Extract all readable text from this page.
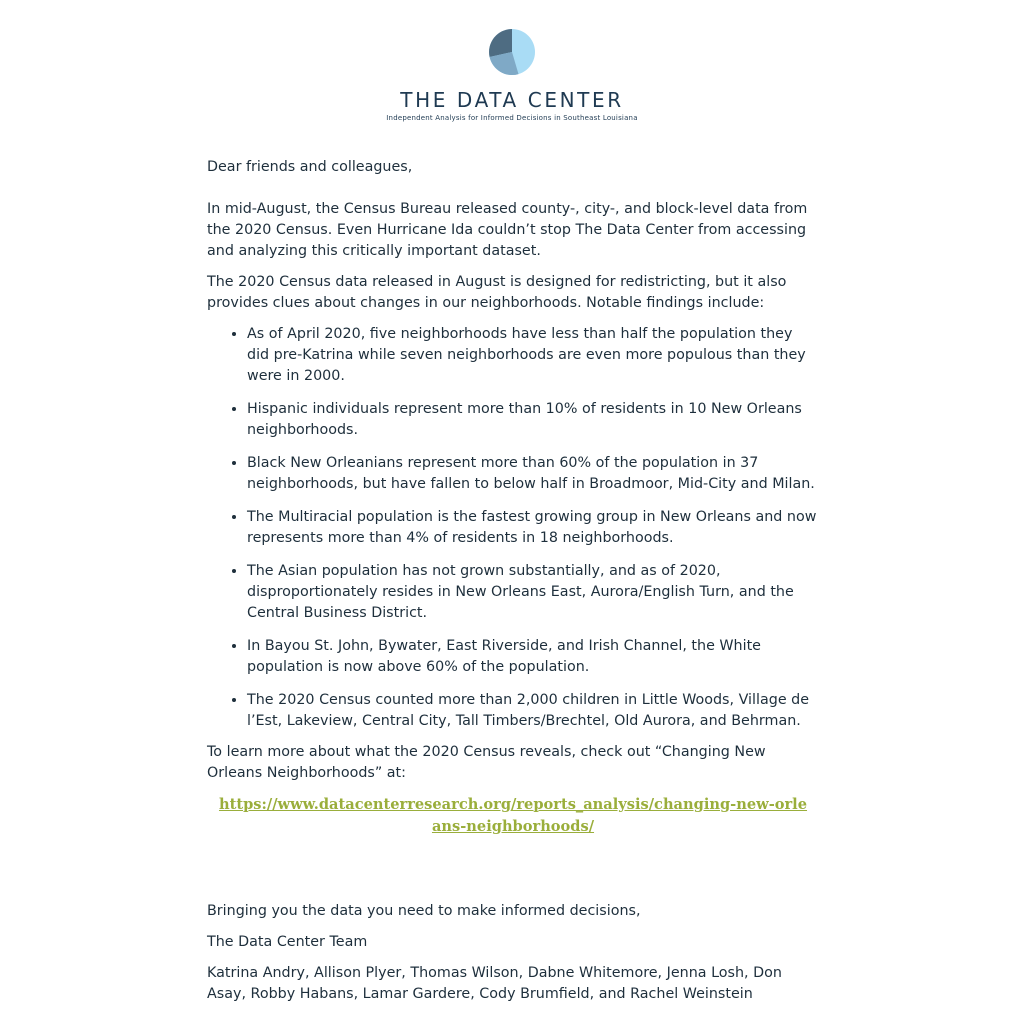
THE DATA CENTER
Independent Analysis for Informed Decisions in Southeast Louisiana

Dear friends and colleagues,

In mid-August, the Census Bureau released county-, city-, and block-level data from the 2020 Census. Even Hurricane Ida couldn’t stop The Data Center from accessing and analyzing this critically important dataset.

The 2020 Census data released in August is designed for redistricting, but it also provides clues about changes in our neighborhoods. Notable findings include:

• As of April 2020, five neighborhoods have less than half the population they did pre-Katrina while seven neighborhoods are even more populous than they were in 2000.
• Hispanic individuals represent more than 10% of residents in 10 New Orleans neighborhoods.
• Black New Orleanians represent more than 60% of the population in 37 neighborhoods, but have fallen to below half in Broadmoor, Mid-City and Milan.
• The Multiracial population is the fastest growing group in New Orleans and now represents more than 4% of residents in 18 neighborhoods.
• The Asian population has not grown substantially, and as of 2020, disproportionately resides in New Orleans East, Aurora/English Turn, and the Central Business District.
• In Bayou St. John, Bywater, East Riverside, and Irish Channel, the White population is now above 60% of the population.
• The 2020 Census counted more than 2,000 children in Little Woods, Village de l’Est, Lakeview, Central City, Tall Timbers/Brechtel, Old Aurora, and Behrman.

To learn more about what the 2020 Census reveals, check out “Changing New Orleans Neighborhoods” at:

https://www.datacenterresearch.org/reports_analysis/changing-new-orleans-neighborhoods/

Bringing you the data you need to make informed decisions,

The Data Center Team

Katrina Andry, Allison Plyer, Thomas Wilson, Dabne Whitemore, Jenna Losh, Don Asay, Robby Habans, Lamar Gardere, Cody Brumfield, and Rachel Weinstein
